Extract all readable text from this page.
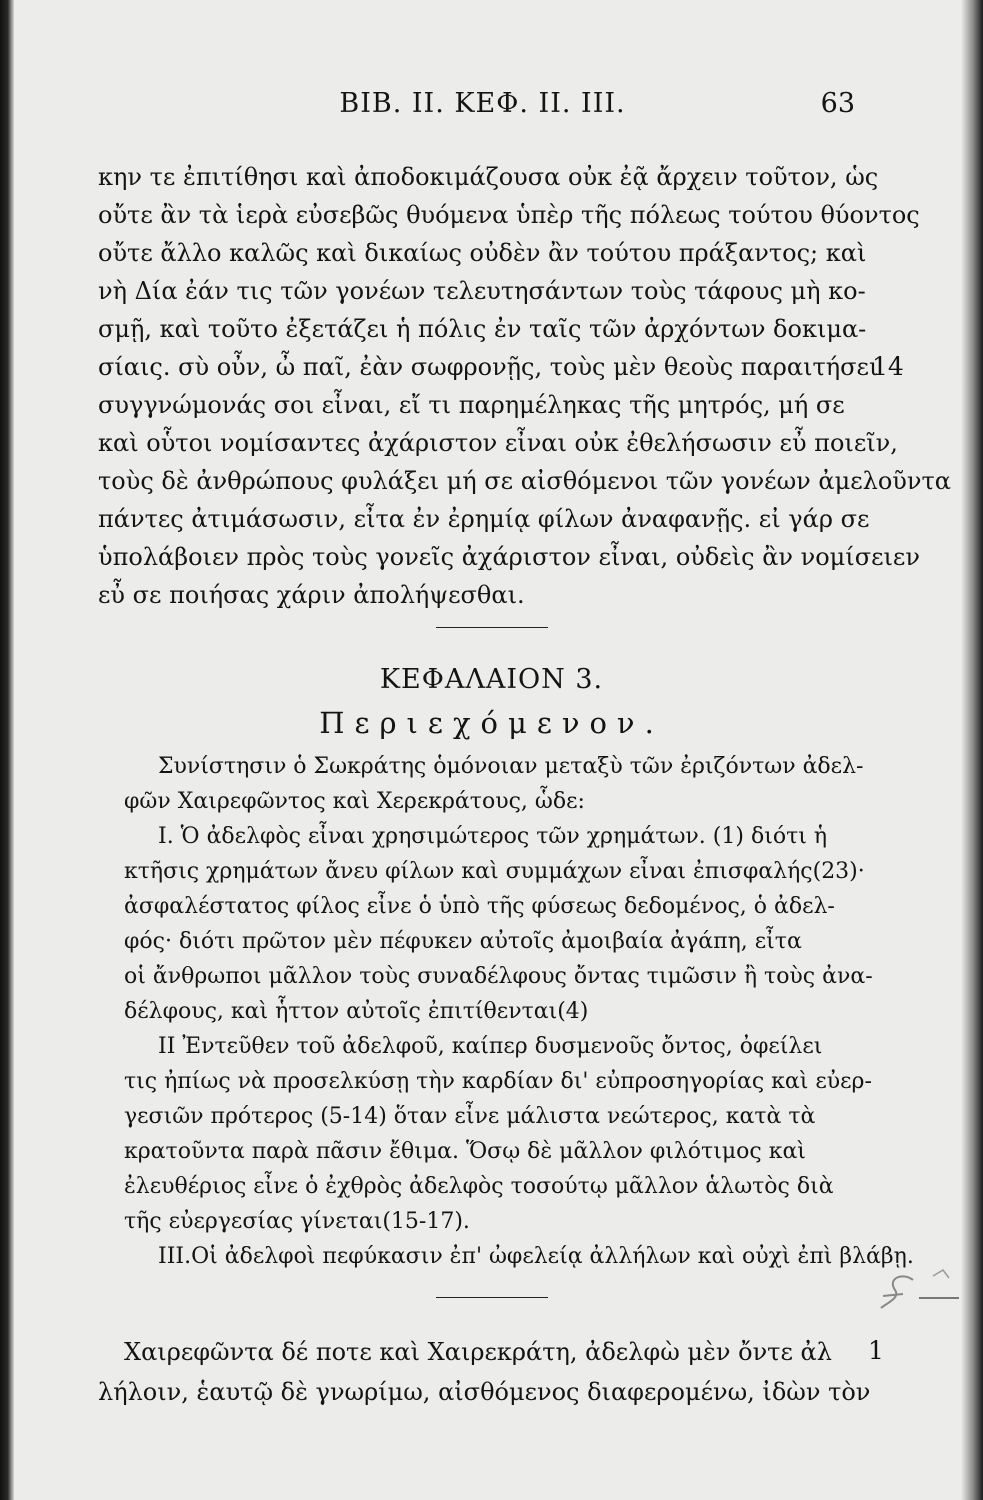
ΒΙΒ. ΙΙ. ΚΕΦ. ΙΙ. ΙΙΙ.	63
κην τε ἐπιτίθησι καὶ ἀποδοκιμάζουσα οὐκ ἐᾷ ἄρχειν τοῦτον, ὡς
οὔτε ἂν τὰ ἱερὰ εὐσεβῶς θυόμενα ὑπὲρ τῆς πόλεως τούτου θύοντος
οὔτε ἄλλο καλῶς καὶ δικαίως οὐδὲν ἂν τούτου πράξαντος; καὶ
νὴ Δία ἐάν τις τῶν γονέων τελευτησάντων τοὺς τάφους μὴ κο-
σμῇ, καὶ τοῦτο ἐξετάζει ἡ πόλις ἐν ταῖς τῶν ἀρχόντων δοκιμα-
σίαις. σὺ οὖν, ὦ παῖ, ἐὰν σωφρονῇς, τοὺς μὲν θεοὺς παραιτήσει
συγγνώμονάς σοι εἶναι, εἴ τι παρημέληκας τῆς μητρός, μή σε
καὶ οὗτοι νομίσαντες ἀχάριστον εἶναι οὐκ ἐθελήσωσιν εὖ ποιεῖν,
τοὺς δὲ ἀνθρώπους φυλάξει μή σε αἰσθόμενοι τῶν γονέων ἀμελοῦντα
πάντες ἀτιμάσωσιν, εἶτα ἐν ἐρημίᾳ φίλων ἀναφανῇς. εἰ γάρ σε
ὑπολάβοιεν πρὸς τοὺς γονεῖς ἀχάριστον εἶναι, οὐδεὶς ἂν νομίσειεν
εὖ σε ποιήσας χάριν ἀπολήψεσθαι.
14
ΚΕΦΑΛΑΙΟΝ 3.
Περιεχόμενον.
Συνίστησιν ὁ Σωκράτης ὁμόνοιαν μεταξὺ τῶν ἐριζόντων ἀδελ-
φῶν Χαιρεφῶντος καὶ Χερεκράτους, ὧδε:
Ι. Ὁ ἀδελφὸς εἶναι χρησιμώτερος τῶν χρημάτων. (1) διότι ἡ
κτῆσις χρημάτων ἄνευ φίλων καὶ συμμάχων εἶναι ἐπισφαλής(23)·
ἀσφαλέστατος φίλος εἶνε ὁ ὑπὸ τῆς φύσεως δεδομένος, ὁ ἀδελ-
φός· διότι πρῶτον μὲν πέφυκεν αὐτοῖς ἀμοιβαία ἀγάπη, εἶτα
οἱ ἄνθρωποι μᾶλλον τοὺς συναδέλφους ὄντας τιμῶσιν ἢ τοὺς ἀνα-
δέλφους, καὶ ἧττον αὐτοῖς ἐπιτίθενται(4)
ΙΙ Ἐντεῦθεν τοῦ ἀδελφοῦ, καίπερ δυσμενοῦς ὄντος, ὀφείλει
τις ἠπίως νὰ προσελκύσῃ τὴν καρδίαν δι' εὐπροσηγορίας καὶ εὐερ-
γεσιῶν πρότερος (5-14) ὅταν εἶνε μάλιστα νεώτερος, κατὰ τὰ
κρατοῦντα παρὰ πᾶσιν ἔθιμα. Ὅσῳ δὲ μᾶλλον φιλότιμος καὶ
ἐλευθέριος εἶνε ὁ ἐχθρὸς ἀδελφὸς τοσούτῳ μᾶλλον ἁλωτὸς διὰ
τῆς εὐεργεσίας γίνεται(15-17).
ΙΙΙ.Οἱ ἀδελφοὶ πεφύκασιν ἐπ' ὠφελείᾳ ἀλλήλων καὶ οὐχὶ ἐπὶ βλάβῃ.
Χαιρεφῶντα δέ ποτε καὶ Χαιρεκράτη, ἀδελφὼ μὲν ὄντε ἀλ
λήλοιν, ἑαυτῷ δὲ γνωρίμω, αἰσθόμενος διαφερομένω, ἰδὼν τὸν
1
